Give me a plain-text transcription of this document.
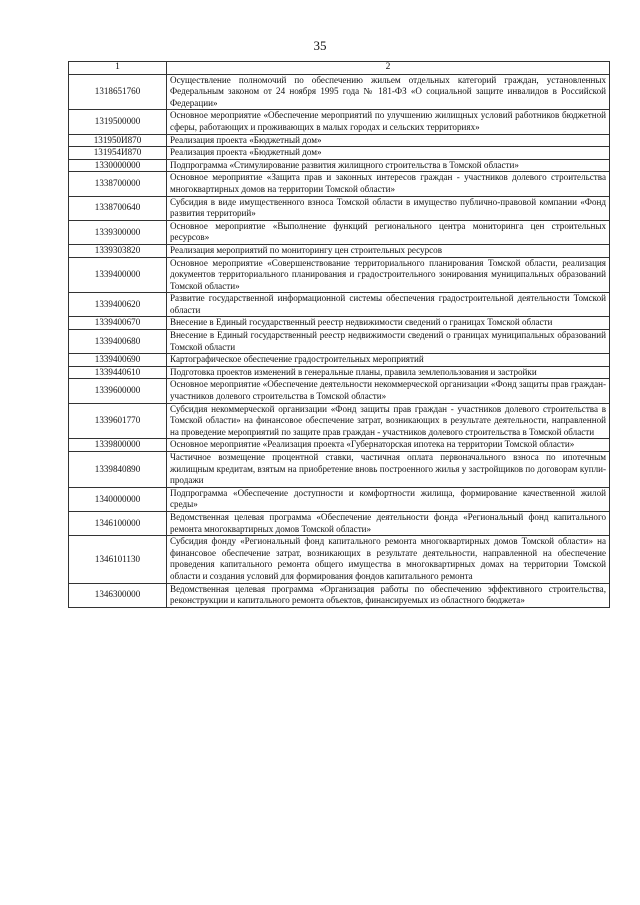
35
1	2
1318651760	Осуществление полномочий по обеспечению жильем отдельных категорий граждан, установленных Федеральным законом от 24 ноября 1995 года № 181-ФЗ «О социальной защите инвалидов в Российской Федерации»
1319500000	Основное мероприятие «Обеспечение мероприятий по улучшению жилищных условий работников бюджетной сферы, работающих и проживающих в малых городах и сельских территориях»
131950И870	Реализация проекта «Бюджетный дом»
131954И870	Реализация проекта «Бюджетный дом»
1330000000	Подпрограмма «Стимулирование развития жилищного строительства в Томской области»
1338700000	Основное мероприятие «Защита прав и законных интересов граждан - участников долевого строительства многоквартирных домов на территории Томской области»
1338700640	Субсидия в виде имущественного взноса Томской области в имущество публично-правовой компании «Фонд развития территорий»
1339300000	Основное мероприятие «Выполнение функций регионального центра мониторинга цен строительных ресурсов»
1339303820	Реализация мероприятий по мониторингу цен строительных ресурсов
1339400000	Основное мероприятие «Совершенствование территориального планирования Томской области, реализация документов территориального планирования и градостроительного зонирования муниципальных образований Томской области»
1339400620	Развитие государственной информационной системы обеспечения градостроительной деятельности Томской области
1339400670	Внесение в Единый государственный реестр недвижимости сведений о границах Томской области
1339400680	Внесение в Единый государственный реестр недвижимости сведений о границах муниципальных образований Томской области
1339400690	Картографическое обеспечение градостроительных мероприятий
1339440610	Подготовка проектов изменений в генеральные планы, правила землепользования и застройки
1339600000	Основное мероприятие «Обеспечение деятельности некоммерческой организации «Фонд защиты прав граждан-участников долевого строительства в Томской области»
1339601770	Субсидия некоммерческой организации «Фонд защиты прав граждан - участников долевого строительства в Томской области» на финансовое обеспечение затрат, возникающих в результате деятельности, направленной на проведение мероприятий по защите прав граждан - участников долевого строительства в Томской области
1339800000	Основное мероприятие «Реализация проекта «Губернаторская ипотека на территории Томской области»
1339840890	Частичное возмещение процентной ставки, частичная оплата первоначального взноса по ипотечным жилищным кредитам, взятым на приобретение вновь построенного жилья у застройщиков по договорам купли-продажи
1340000000	Подпрограмма «Обеспечение доступности и комфортности жилища, формирование качественной жилой среды»
1346100000	Ведомственная целевая программа «Обеспечение деятельности фонда «Региональный фонд капитального ремонта многоквартирных домов Томской области»
1346101130	Субсидия фонду «Региональный фонд капитального ремонта многоквартирных домов Томской области» на финансовое обеспечение затрат, возникающих в результате деятельности, направленной на обеспечение проведения капитального ремонта общего имущества в многоквартирных домах на территории Томской области и создания условий для формирования фондов капитального ремонта
1346300000	Ведомственная целевая программа «Организация работы по обеспечению эффективного строительства, реконструкции и капитального ремонта объектов, финансируемых из областного бюджета»
